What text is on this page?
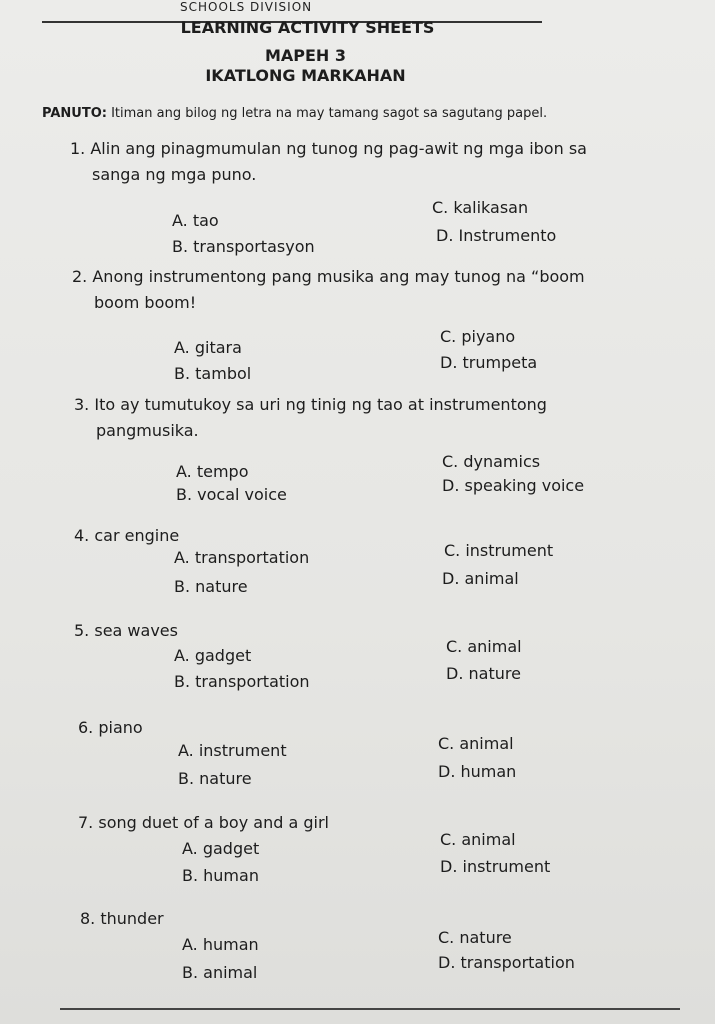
SCHOOLS DIVISION
LEARNING ACTIVITY SHEETS
MAPEH 3
IKATLONG MARKAHAN
PANUTO: Itiman ang bilog ng letra na may tamang sagot sa sagutang papel.
1. Alin ang pinagmumulan ng tunog ng pag-awit ng mga ibon sa
sanga ng mga puno.
A. tao
B. transportasyon
C. kalikasan
D. Instrumento
2. Anong instrumentong pang musika ang may tunog na “boom
boom boom!
A. gitara
B. tambol
C. piyano
D. trumpeta
3. Ito ay tumutukoy sa uri ng tinig ng tao at instrumentong
pangmusika.
A. tempo
B. vocal voice
C. dynamics
D. speaking voice
4. car engine
A. transportation
B. nature
C. instrument
D. animal
5. sea waves
A. gadget
B. transportation
C. animal
D. nature
6. piano
A. instrument
B. nature
C. animal
D. human
7. song duet of a boy and a girl
A. gadget
B. human
C. animal
D. instrument
8. thunder
A. human
B. animal
C. nature
D. transportation
